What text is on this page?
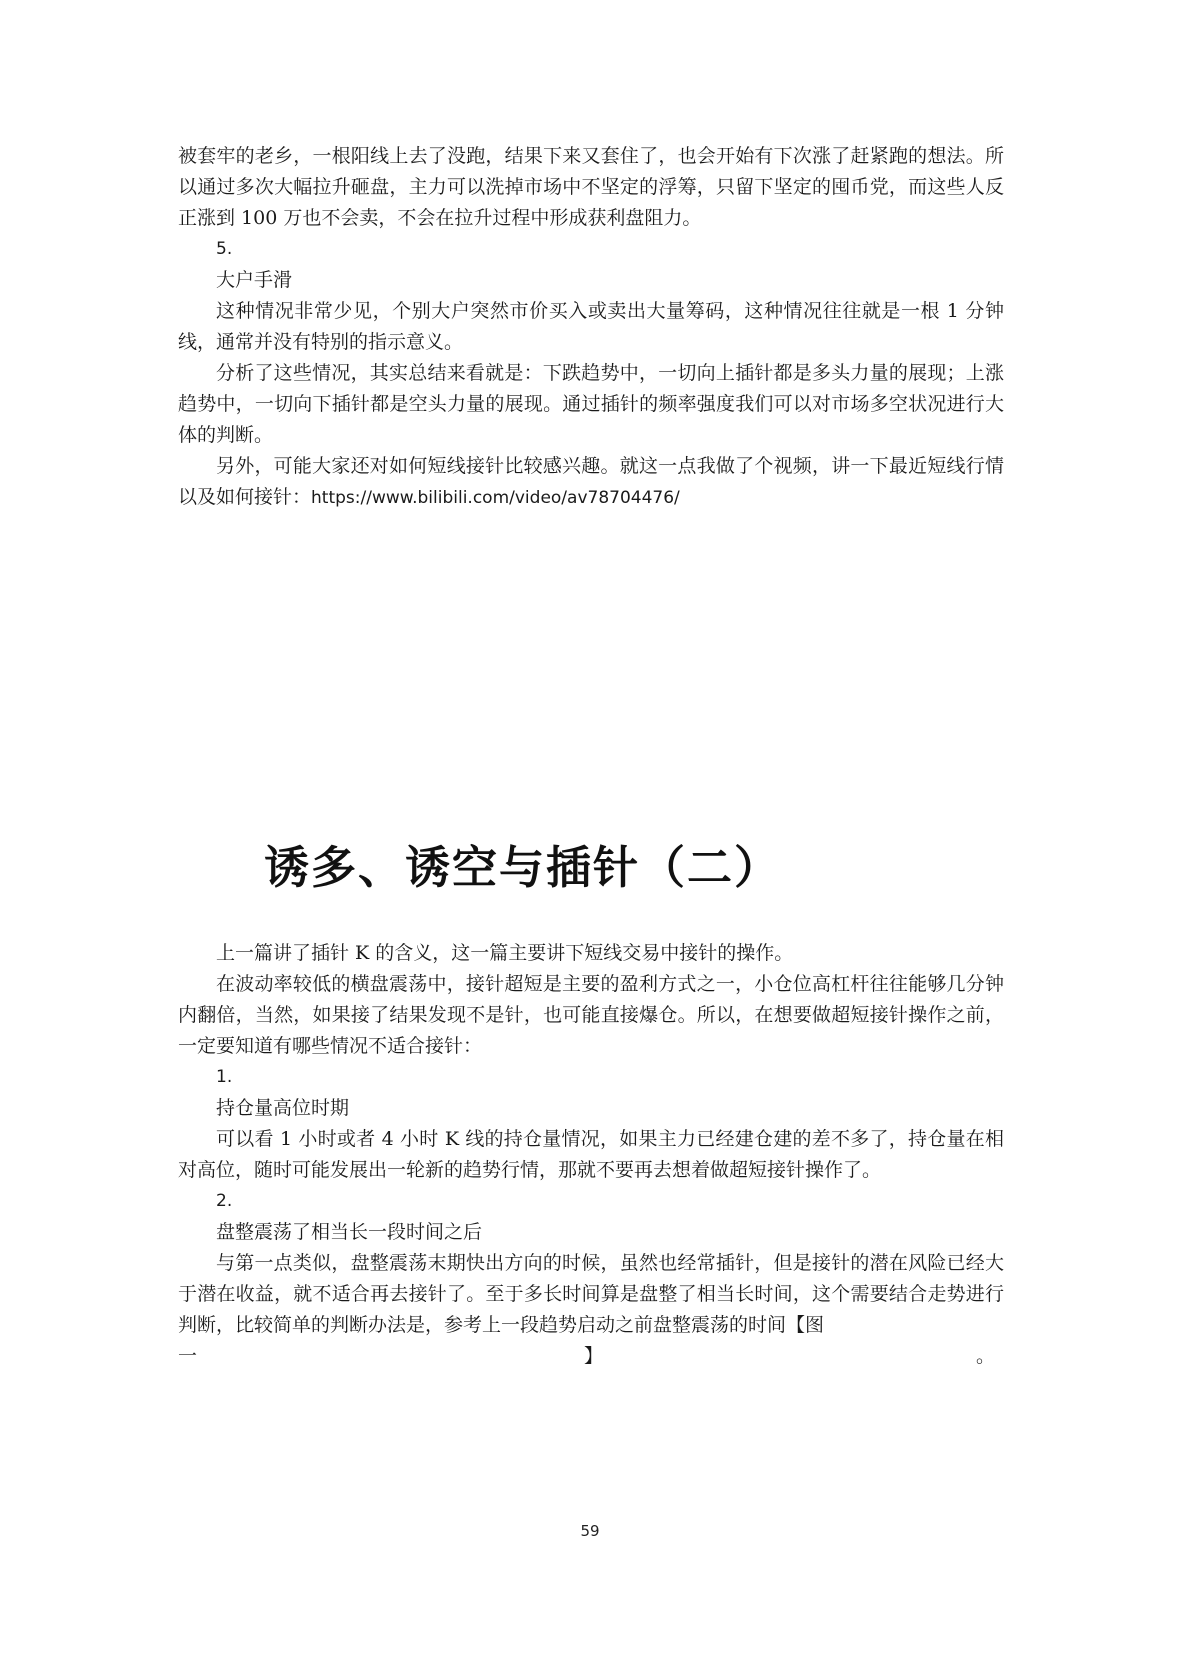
被套牢的老乡，一根阳线上去了没跑，结果下来又套住了，也会开始有下次涨了赶紧跑的想法。所以通过多次大幅拉升砸盘，主力可以洗掉市场中不坚定的浮筹，只留下坚定的囤币党，而这些人反正涨到 100 万也不会卖，不会在拉升过程中形成获利盘阻力。

5.

大户手滑

这种情况非常少见，个别大户突然市价买入或卖出大量筹码，这种情况往往就是一根 1 分钟线，通常并没有特别的指示意义。

分析了这些情况，其实总结来看就是：下跌趋势中，一切向上插针都是多头力量的展现；上涨趋势中，一切向下插针都是空头力量的展现。通过插针的频率强度我们可以对市场多空状况进行大体的判断。

另外，可能大家还对如何短线接针比较感兴趣。就这一点我做了个视频，讲一下最近短线行情以及如何接针：https://www.bilibili.com/video/av78704476/

诱多、诱空与插针（二）

上一篇讲了插针 K 的含义，这一篇主要讲下短线交易中接针的操作。

在波动率较低的横盘震荡中，接针超短是主要的盈利方式之一，小仓位高杠杆往往能够几分钟内翻倍，当然，如果接了结果发现不是针，也可能直接爆仓。所以，在想要做超短接针操作之前，一定要知道有哪些情况不适合接针：

1.

持仓量高位时期

可以看 1 小时或者 4 小时 K 线的持仓量情况，如果主力已经建仓建的差不多了，持仓量在相对高位，随时可能发展出一轮新的趋势行情，那就不要再去想着做超短接针操作了。

2.

盘整震荡了相当长一段时间之后

与第一点类似，盘整震荡末期快出方向的时候，虽然也经常插针，但是接针的潜在风险已经大于潜在收益，就不适合再去接针了。至于多长时间算是盘整了相当长时间，这个需要结合走势进行判断，比较简单的判断办法是，参考上一段趋势启动之前盘整震荡的时间【图

一	】	。
59
